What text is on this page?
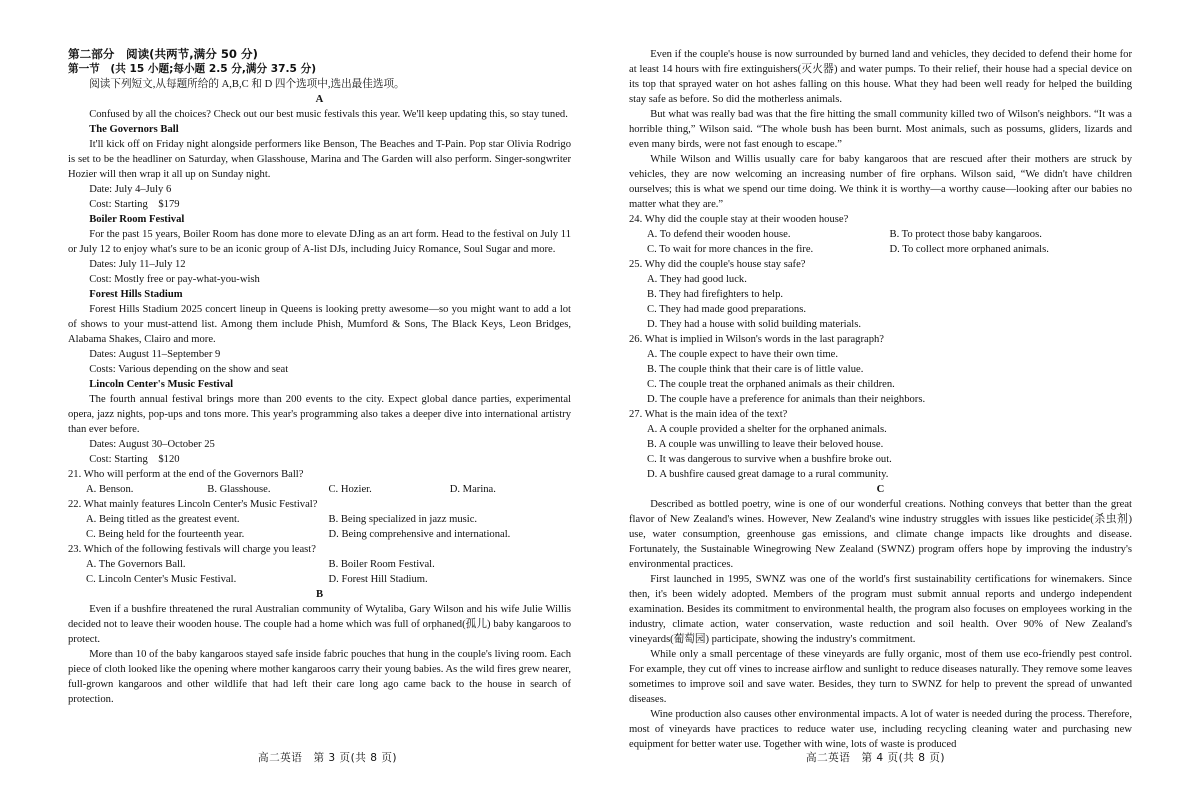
第二部分　阅读(共两节,满分 50 分)

第一节　(共 15 小题;每小题 2.5 分,满分 37.5 分)

阅读下列短文,从每题所给的 A,B,C 和 D 四个选项中,选出最佳选项。

A

Confused by all the choices? Check out our best music festivals this year. We'll keep updating this, so stay tuned.

The Governors Ball

It'll kick off on Friday night alongside performers like Benson, The Beaches and T-Pain. Pop star Olivia Rodrigo is set to be the headliner on Saturday, when Glasshouse, Marina and The Garden will also perform. Singer-songwriter Hozier will then wrap it all up on Sunday night.

Date: July 4–July 6

Cost: Starting　$179

Boiler Room Festival

For the past 15 years, Boiler Room has done more to elevate DJing as an art form. Head to the festival on July 11 or July 12 to enjoy what's sure to be an iconic group of A-list DJs, including Juicy Romance, Soul Sugar and more.

Dates: July 11–July 12

Cost: Mostly free or pay-what-you-wish

Forest Hills Stadium

Forest Hills Stadium 2025 concert lineup in Queens is looking pretty awesome—so you might want to add a lot of shows to your must-attend list. Among them include Phish, Mumford & Sons, The Black Keys, Leon Bridges, Alabama Shakes, Clairo and more.

Dates: August 11–September 9

Costs: Various depending on the show and seat

Lincoln Center's Music Festival

The fourth annual festival brings more than 200 events to the city. Expect global dance parties, experimental opera, jazz nights, pop-ups and tons more. This year's programming also takes a deeper dive into international artistry than ever before.

Dates: August 30–October 25

Cost: Starting　$120

21. Who will perform at the end of the Governors Ball?

A. Benson.	B. Glasshouse.	C. Hozier.	D. Marina.

22. What mainly features Lincoln Center's Music Festival?

A. Being titled as the greatest event.	B. Being specialized in jazz music.
C. Being held for the fourteenth year.	D. Being comprehensive and international.

23. Which of the following festivals will charge you least?

A. The Governors Ball.	B. Boiler Room Festival.
C. Lincoln Center's Music Festival.	D. Forest Hill Stadium.

B

Even if a bushfire threatened the rural Australian community of Wytaliba, Gary Wilson and his wife Julie Willis decided not to leave their wooden house. The couple had a home which was full of orphaned(孤儿) baby kangaroos to protect.

More than 10 of the baby kangaroos stayed safe inside fabric pouches that hung in the couple's living room. Each piece of cloth looked like the opening where mother kangaroos carry their young babies. As the wild fires grew nearer, full-grown kangaroos and other wildlife that had left their care long ago came back to the house in search of protection.

Even if the couple's house is now surrounded by burned land and vehicles, they decided to defend their home for at least 14 hours with fire extinguishers(灭火器) and water pumps. To their relief, their house had a special device on its top that sprayed water on hot ashes falling on this house. What they had been well ready for helped the building stay safe as before. So did the motherless animals.

But what was really bad was that the fire hitting the small community killed two of Wilson's neighbors. “It was a horrible thing,” Wilson said. “The whole bush has been burnt. Most animals, such as possums, gliders, lizards and even many birds, were not fast enough to escape.”

While Wilson and Willis usually care for baby kangaroos that are rescued after their mothers are struck by vehicles, they are now welcoming an increasing number of fire orphans. Wilson said, “We didn't have children ourselves; this is what we spend our time doing. We think it is worthy—a worthy cause—looking after our babies no matter what they are.”

24. Why did the couple stay at their wooden house?

A. To defend their wooden house.	B. To protect those baby kangaroos.
C. To wait for more chances in the fire.	D. To collect more orphaned animals.

25. Why did the couple's house stay safe?

A. They had good luck.
B. They had firefighters to help.
C. They had made good preparations.
D. They had a house with solid building materials.

26. What is implied in Wilson's words in the last paragraph?

A. The couple expect to have their own time.
B. The couple think that their care is of little value.
C. The couple treat the orphaned animals as their children.
D. The couple have a preference for animals than their neighbors.

27. What is the main idea of the text?

A. A couple provided a shelter for the orphaned animals.
B. A couple was unwilling to leave their beloved house.
C. It was dangerous to survive when a bushfire broke out.
D. A bushfire caused great damage to a rural community.

C

Described as bottled poetry, wine is one of our wonderful creations. Nothing conveys that better than the great flavor of New Zealand's wines. However, New Zealand's wine industry struggles with issues like pesticide(杀虫剂) use, water consumption, greenhouse gas emissions, and climate change impacts like droughts and disease. Fortunately, the Sustainable Winegrowing New Zealand (SWNZ) program offers hope by improving the industry's environmental practices.

First launched in 1995, SWNZ was one of the world's first sustainability certifications for winemakers. Since then, it's been widely adopted. Members of the program must submit annual reports and undergo independent examination. Besides its commitment to environmental health, the program also focuses on employees working in the industry, climate action, water conservation, waste reduction and soil health. Over 90% of New Zealand's vineyards(葡萄园) participate, showing the industry's commitment.

While only a small percentage of these vineyards are fully organic, most of them use eco-friendly pest control. For example, they cut off vines to increase airflow and sunlight to reduce diseases naturally. They remove some leaves sometimes to improve soil and save water. Besides, they turn to SWNZ for help to prevent the spread of unwanted diseases.

Wine production also causes other environmental impacts. A lot of water is needed during the process. Therefore, most of vineyards have practices to reduce water use, including recycling cleaning water and purchasing new equipment for better water use. Together with wine, lots of waste is produced

高二英语　第 3 页(共 8 页)	高二英语　第 4 页(共 8 页)
